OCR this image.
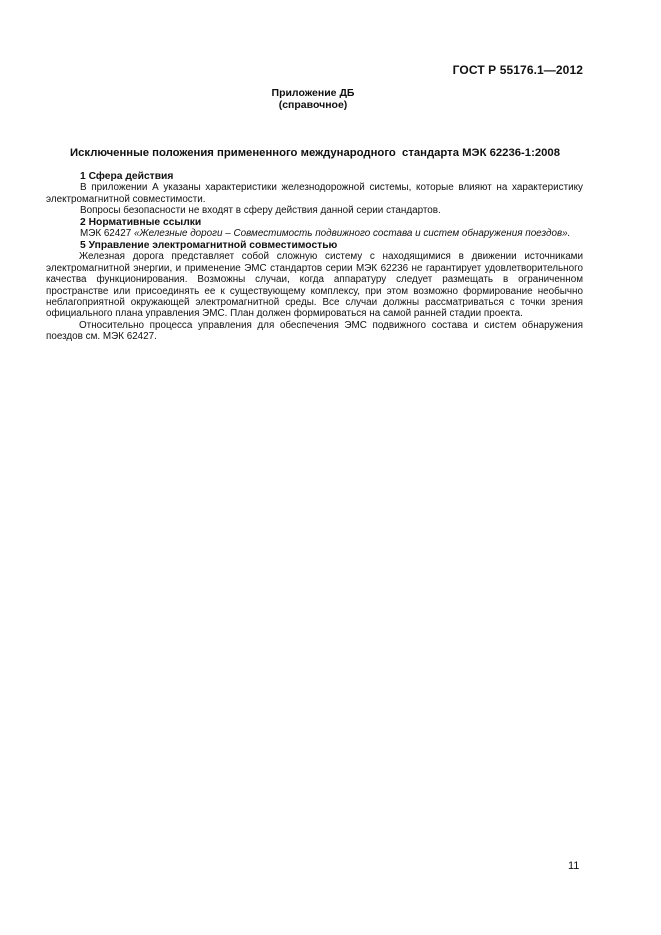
ГОСТ Р 55176.1—2012
Приложение ДБ
(справочное)
Исключенные положения примененного международного  стандарта МЭК 62236-1:2008

1 Сфера действия

В приложении А указаны характеристики железнодорожной системы, которые влияют на характеристику электромагнитной совместимости.

Вопросы безопасности не входят в сферу действия данной серии стандартов.

2 Нормативные ссылки

МЭК 62427 «Железные дороги – Совместимость подвижного состава и систем обнаружения поездов».

5 Управление электромагнитной совместимостью

Железная дорога представляет собой сложную систему с находящимися в движении источниками электромагнитной энергии, и применение ЭМС стандартов серии МЭК 62236 не гарантирует удовлетворительного качества функционирования. Возможны случаи, когда аппаратуру следует размещать в ограниченном пространстве или присоединять ее к существующему комплексу, при этом возможно формирование необычно неблагоприятной окружающей электромагнитной среды. Все случаи должны рассматриваться с точки зрения официального плана управления ЭМС. План должен формироваться на самой ранней стадии проекта.

Относительно процесса управления для обеспечения ЭМС подвижного состава и систем обнаружения поездов см. МЭК 62427.

11
